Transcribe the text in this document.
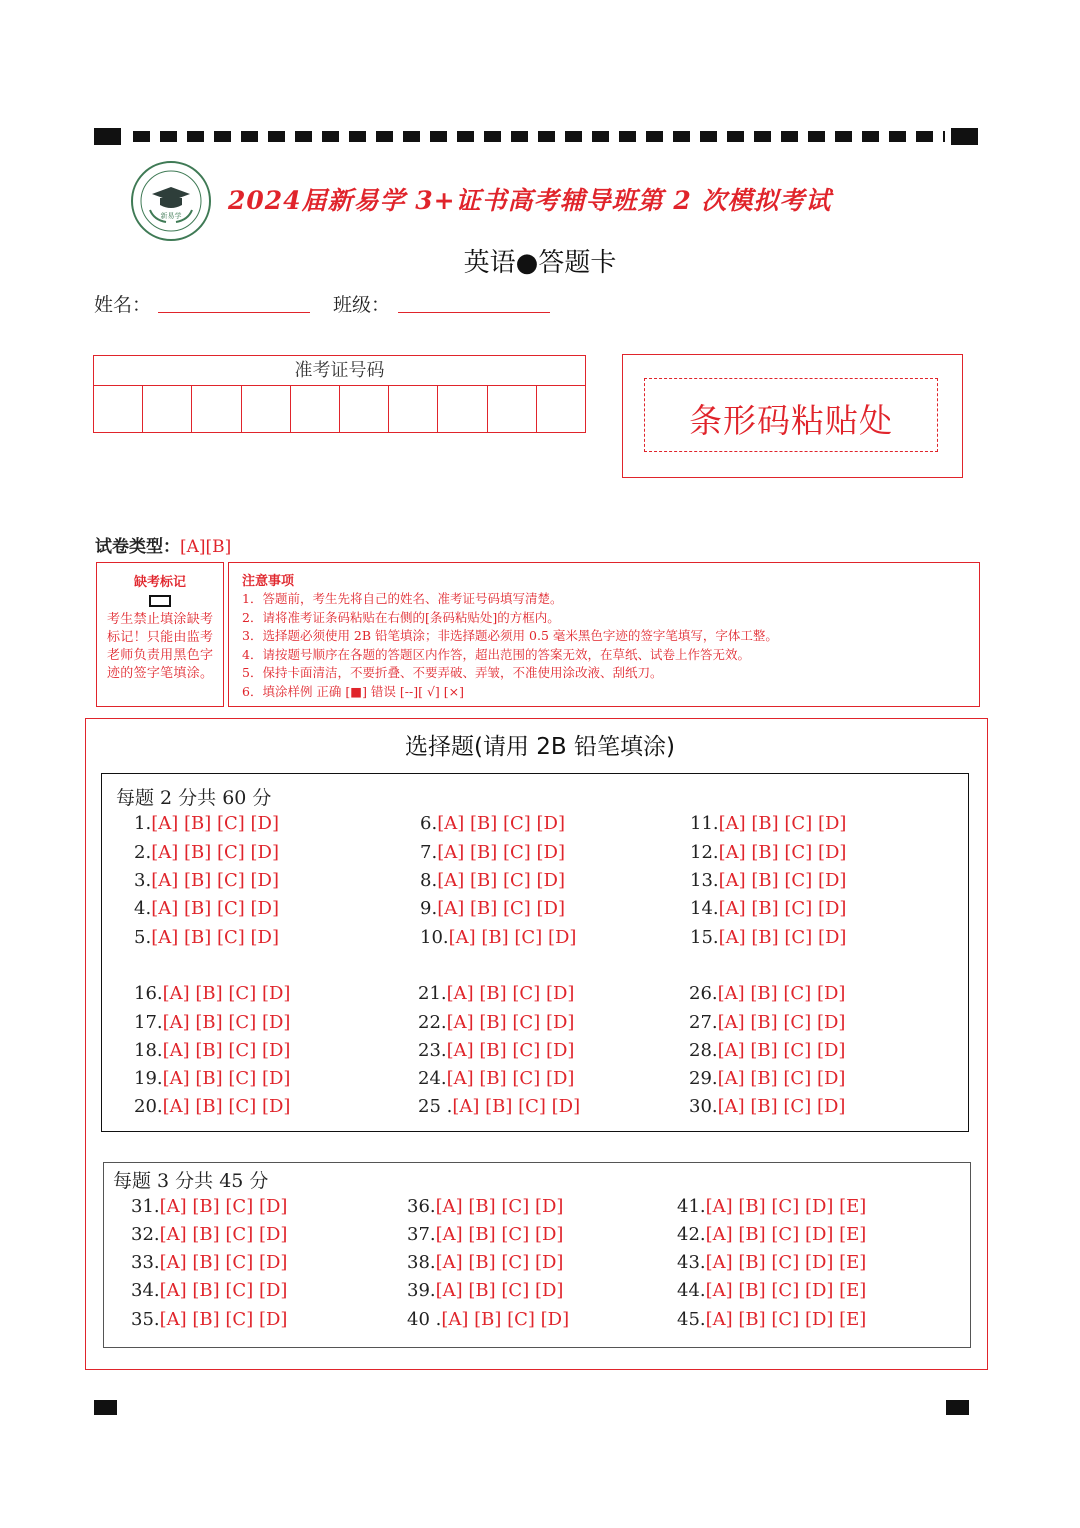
新易学
2024届新易学 3+证书高考辅导班第 2 次模拟考试
英语●答题卡
姓名：	班级：
准考证号码
条形码粘贴处
试卷类型：[A][B]
缺考标记
考生禁止填涂缺考标记！只能由监考老师负责用黑色字迹的签字笔填涂。
注意事项
1．答题前，考生先将自己的姓名、准考证号码填写清楚。
2．请将准考证条码粘贴在右侧的[条码粘贴处]的方框内。
3．选择题必须使用 2B 铅笔填涂；非选择题必须用 0.5 毫米黑色字迹的签字笔填写，字体工整。
4．请按题号顺序在各题的答题区内作答，超出范围的答案无效，在草纸、试卷上作答无效。
5．保持卡面清洁，不要折叠、不要弄破、弄皱，不准使用涂改液、刮纸刀。
6．填涂样例 正确 [■] 错误 [--][ √] [×]
选择题(请用 2B 铅笔填涂)
每题 2 分共 60 分
每题 3 分共 45 分
1.[A] [B] [C] [D]
2.[A] [B] [C] [D]
3.[A] [B] [C] [D]
4.[A] [B] [C] [D]
5.[A] [B] [C] [D]
6.[A] [B] [C] [D]
7.[A] [B] [C] [D]
8.[A] [B] [C] [D]
9.[A] [B] [C] [D]
10.[A] [B] [C] [D]
11.[A] [B] [C] [D]
12.[A] [B] [C] [D]
13.[A] [B] [C] [D]
14.[A] [B] [C] [D]
15.[A] [B] [C] [D]
16.[A] [B] [C] [D]
17.[A] [B] [C] [D]
18.[A] [B] [C] [D]
19.[A] [B] [C] [D]
20.[A] [B] [C] [D]
21.[A] [B] [C] [D]
22.[A] [B] [C] [D]
23.[A] [B] [C] [D]
24.[A] [B] [C] [D]
25 .[A] [B] [C] [D]
26.[A] [B] [C] [D]
27.[A] [B] [C] [D]
28.[A] [B] [C] [D]
29.[A] [B] [C] [D]
30.[A] [B] [C] [D]
31.[A] [B] [C] [D]
32.[A] [B] [C] [D]
33.[A] [B] [C] [D]
34.[A] [B] [C] [D]
35.[A] [B] [C] [D]
36.[A] [B] [C] [D]
37.[A] [B] [C] [D]
38.[A] [B] [C] [D]
39.[A] [B] [C] [D]
40 .[A] [B] [C] [D]
41.[A] [B] [C] [D] [E]
42.[A] [B] [C] [D] [E]
43.[A] [B] [C] [D] [E]
44.[A] [B] [C] [D] [E]
45.[A] [B] [C] [D] [E]
